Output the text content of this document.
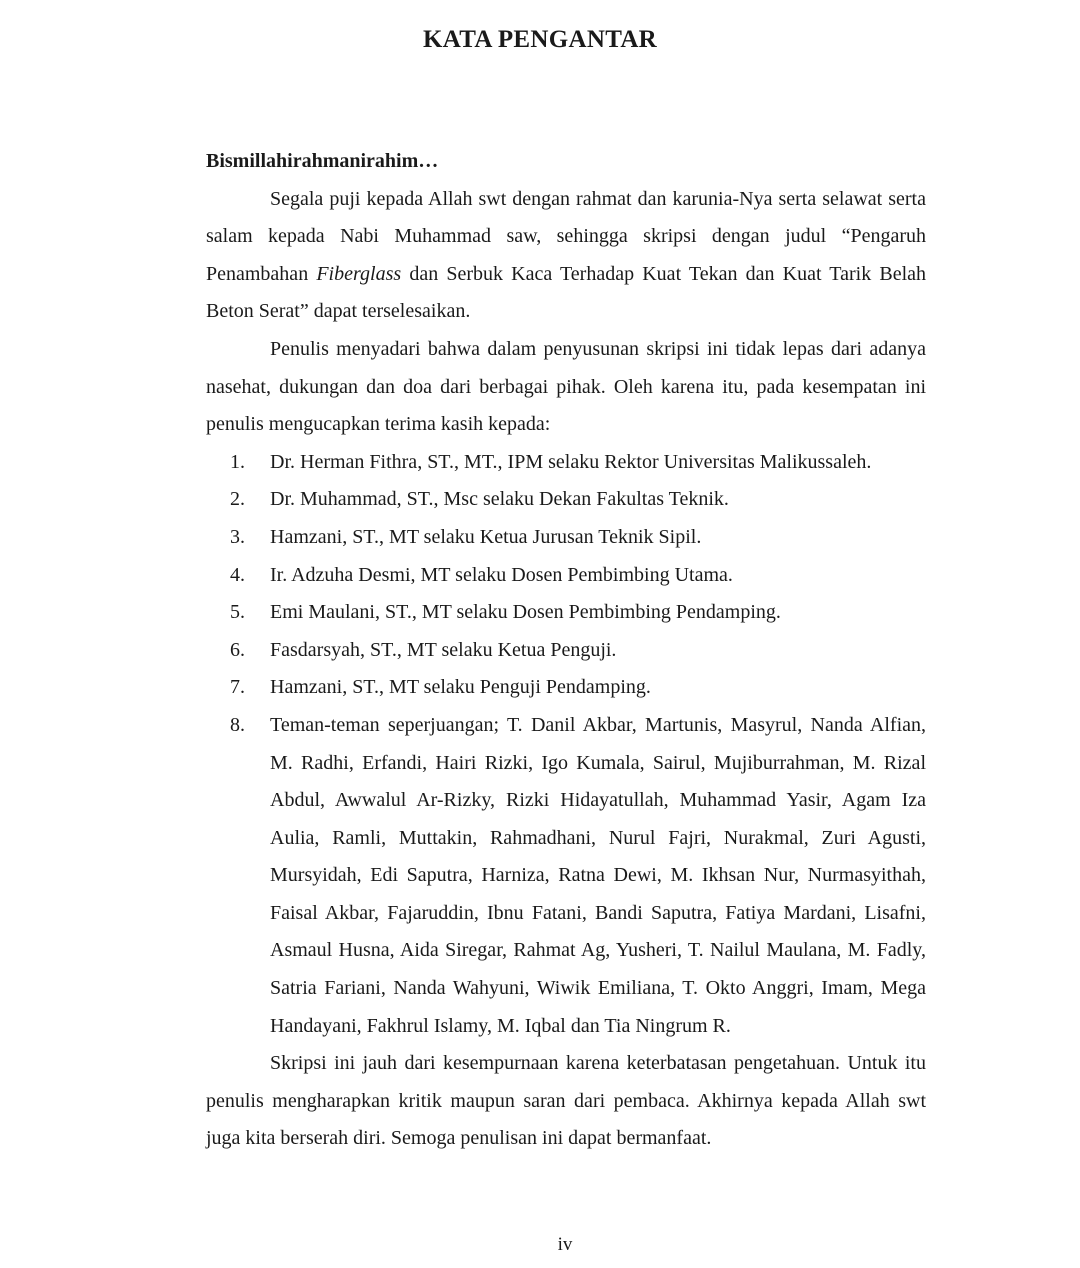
KATA PENGANTAR

Bismillahirahmanirahim…

Segala puji kepada Allah swt dengan rahmat dan karunia-Nya serta selawat serta salam kepada Nabi Muhammad saw, sehingga skripsi dengan judul “Pengaruh Penambahan Fiberglass dan Serbuk Kaca Terhadap Kuat Tekan dan Kuat Tarik Belah Beton Serat” dapat terselesaikan.

Penulis menyadari bahwa dalam penyusunan skripsi ini tidak lepas dari adanya nasehat, dukungan dan doa dari berbagai pihak. Oleh karena itu, pada kesempatan ini penulis mengucapkan terima kasih kepada:

1. Dr. Herman Fithra, ST., MT., IPM selaku Rektor Universitas Malikussaleh.
2. Dr. Muhammad, ST., Msc selaku Dekan Fakultas Teknik.
3. Hamzani, ST., MT selaku Ketua Jurusan Teknik Sipil.
4. Ir. Adzuha Desmi, MT selaku Dosen Pembimbing Utama.
5. Emi Maulani, ST., MT selaku Dosen Pembimbing Pendamping.
6. Fasdarsyah, ST., MT selaku Ketua Penguji.
7. Hamzani, ST., MT selaku Penguji Pendamping.
8. Teman-teman seperjuangan; T. Danil Akbar, Martunis, Masyrul, Nanda Alfian, M. Radhi, Erfandi, Hairi Rizki, Igo Kumala, Sairul, Mujiburrahman, M. Rizal Abdul, Awwalul Ar-Rizky, Rizki Hidayatullah, Muhammad Yasir, Agam Iza Aulia, Ramli, Muttakin, Rahmadhani, Nurul Fajri, Nurakmal, Zuri Agusti, Mursyidah, Edi Saputra, Harniza, Ratna Dewi, M. Ikhsan Nur, Nurmasyithah, Faisal Akbar, Fajaruddin, Ibnu Fatani, Bandi Saputra, Fatiya Mardani, Lisafni, Asmaul Husna, Aida Siregar, Rahmat Ag, Yusheri, T. Nailul Maulana, M. Fadly, Satria Fariani, Nanda Wahyuni, Wiwik Emiliana, T. Okto Anggri, Imam, Mega Handayani, Fakhrul Islamy, M. Iqbal dan Tia Ningrum R.

Skripsi ini jauh dari kesempurnaan karena keterbatasan pengetahuan. Untuk itu penulis mengharapkan kritik maupun saran dari pembaca. Akhirnya kepada Allah swt juga kita berserah diri. Semoga penulisan ini dapat bermanfaat.

iv
